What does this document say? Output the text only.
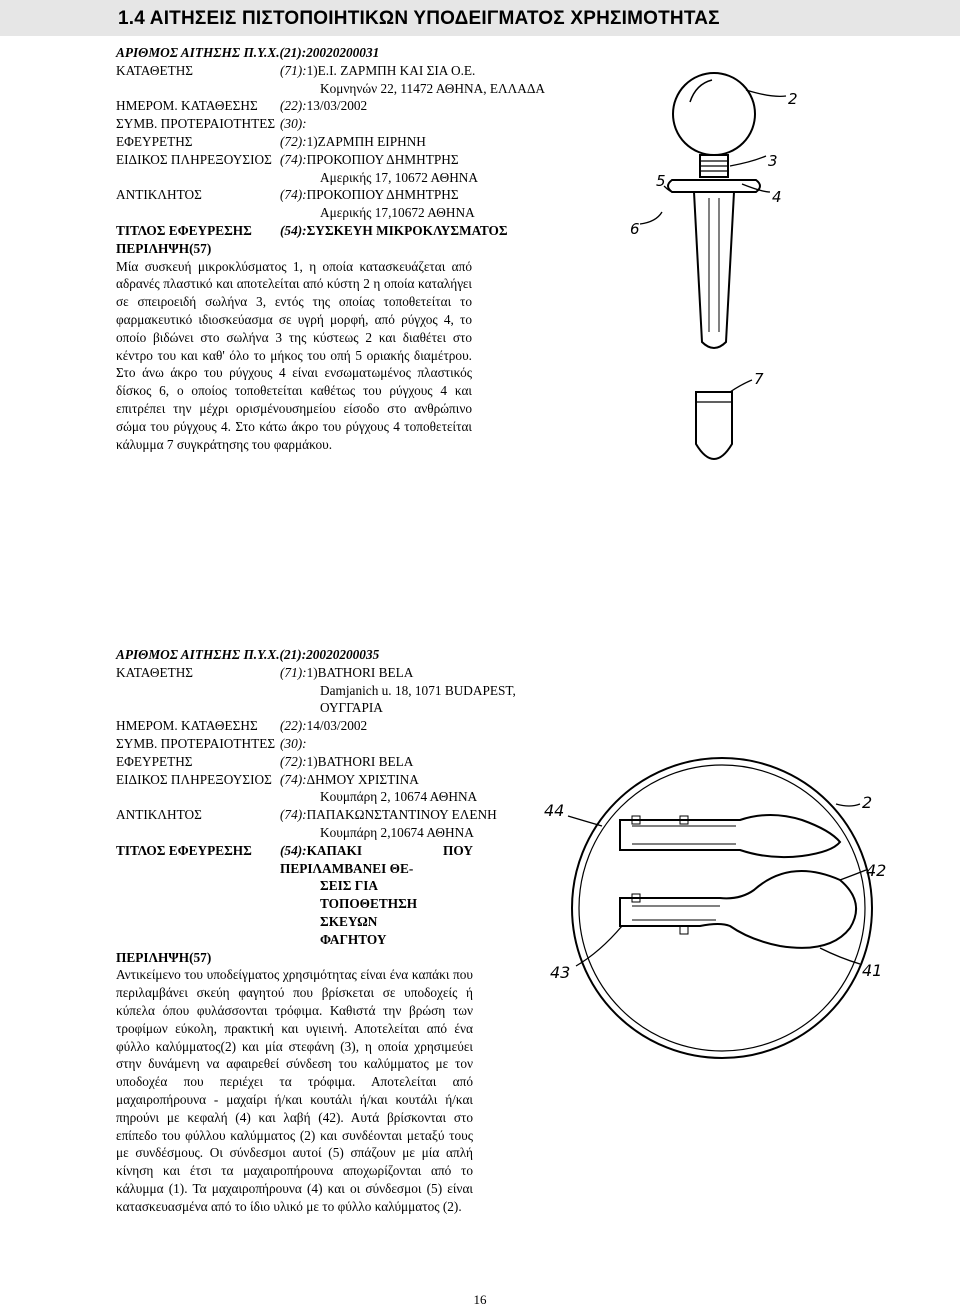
1.4 ΑΙΤΗΣΕΙΣ ΠΙΣΤΟΠΟΙΗΤΙΚΩΝ ΥΠΟΔΕΙΓΜΑΤΟΣ ΧΡΗΣΙΜΟΤΗΤΑΣ
ΑΡΙΘΜΟΣ ΑΙΤΗΣΗΣ Π.Υ.Χ.(21):20020200031
ΚΑΤΑΘΕΤΗΣ	(71):1)Ε.Ι. ΖΑΡΜΠΗ ΚΑΙ ΣΙΑ Ο.Ε.
Κομνηνών 22, 11472 ΑΘΗΝΑ, ΕΛΛΑΔΑ
ΗΜΕΡΟΜ. ΚΑΤΑΘΕΣΗΣ	(22):13/03/2002
ΣΥΜΒ. ΠΡΟΤΕΡΑΙΟΤΗΤΕΣ (30):
ΕΦΕΥΡΕΤΗΣ	(72):1)ΖΑΡΜΠΗ ΕΙΡΗΝΗ
ΕΙΔΙΚΟΣ ΠΛΗΡΕΞΟΥΣΙΟΣ (74):ΠΡΟΚΟΠΙΟΥ ΔΗΜΗΤΡΗΣ
Αμερικής 17, 10672 ΑΘΗΝΑ
ΑΝΤΙΚΛΗΤΟΣ	(74):ΠΡΟΚΟΠΙΟΥ ΔΗΜΗΤΡΗΣ
Αμερικής 17,10672 ΑΘΗΝΑ
ΤΙΤΛΟΣ ΕΦΕΥΡΕΣΗΣ	(54):ΣΥΣΚΕΥΗ ΜΙΚΡΟΚΛΥΣΜΑΤΟΣ
ΠΕΡΙΛΗΨΗ(57)
Μία συσκευή μικροκλύσματος 1, η οποία κατασκευάζεται από αδρανές πλαστικό και αποτελείται από κύστη 2 η οποία καταλήγει σε σπειροειδή σωλήνα 3, εντός της οποίας τοποθετείται το φαρμακευτικό ιδιοσκεύασμα σε υγρή μορφή, από ρύγχος 4, το οποίο βιδώνει στο σωλήνα 3 της κύστεως 2 και διαθέτει στο κέντρο του και καθ' όλο το μήκος του οπή 5 οριακής διαμέτρου. Στο άνω άκρο του ρύγχους 4 είναι ενσωματωμένος πλαστικός δίσκος 6, ο οποίος τοποθετείται καθέτως του ρύγχους 4 και επιτρέπει την μέχρι ορισμένουσημείου είσοδο στο ανθρώπινο σώμα του ρύγχους 4. Στο κάτω άκρο του ρύγχους 4 τοποθετείται κάλυμμα 7 συγκράτησης του φαρμάκου.
2
3
4
5
6
7
ΑΡΙΘΜΟΣ ΑΙΤΗΣΗΣ Π.Υ.Χ.(21):20020200035
ΚΑΤΑΘΕΤΗΣ	(71):1)BATHORI BELA
Damjanich u. 18, 1071 BUDAPEST,
ΟΥΓΓΑΡΙΑ
ΗΜΕΡΟΜ. ΚΑΤΑΘΕΣΗΣ	(22):14/03/2002
ΣΥΜΒ. ΠΡΟΤΕΡΑΙΟΤΗΤΕΣ (30):
ΕΦΕΥΡΕΤΗΣ	(72):1)BATHORI BELA
ΕΙΔΙΚΟΣ ΠΛΗΡΕΞΟΥΣΙΟΣ (74):ΔΗΜΟΥ ΧΡΙΣΤΙΝΑ
Κουμπάρη 2, 10674 ΑΘΗΝΑ
ΑΝΤΙΚΛΗΤΟΣ	(74):ΠΑΠΑΚΩΝΣΤΑΝΤΙΝΟΥ ΕΛΕΝΗ
Κουμπάρη 2,10674 ΑΘΗΝΑ
ΤΙΤΛΟΣ ΕΦΕΥΡΕΣΗΣ	(54):ΚΑΠΑΚΙ ΠΟΥ ΠΕΡΙΛΑΜΒΑΝΕΙ ΘΕ-
ΣΕΙΣ ΓΙΑ ΤΟΠΟΘΕΤΗΣΗ ΣΚΕΥΩΝ
ΦΑΓΗΤΟΥ
ΠΕΡΙΛΗΨΗ(57)
Αντικείμενο του υποδείγματος χρησιμότητας είναι ένα καπάκι που περιλαμβάνει σκεύη φαγητού που βρίσκεται σε υποδοχείς ή κύπελα όπου φυλάσσονται τρόφιμα. Καθιστά την βρώση των τροφίμων εύκολη, πρακτική και υγιεινή. Αποτελείται από ένα φύλλο καλύμματος(2) και μία στεφάνη (3), η οποία χρησιμεύει στην δυνάμενη να αφαιρεθεί σύνδεση του καλύμματος με τον υποδοχέα που περιέχει τα τρόφιμα. Αποτελείται από μαχαιροπήρουνα - μαχαίρι ή/και κουτάλι ή/και κουτάλι ή/και πηρούνι με κεφαλή (4) και λαβή (42). Αυτά βρίσκονται στο επίπεδο του φύλλου καλύμματος (2) και συνδέονται μεταξύ τους με συνδέσμους. Οι σύνδεσμοι αυτοί (5) σπάζουν με μία απλή κίνηση και έτσι τα μαχαιροπήρουνα αποχωρίζονται από το κάλυμμα (1). Τα μαχαιροπήρουνα (4) και οι σύνδεσμοι (5) είναι κατασκευασμένα από το ίδιο υλικό με το φύλλο καλύμματος (2).
44	2
42
41
43
16
